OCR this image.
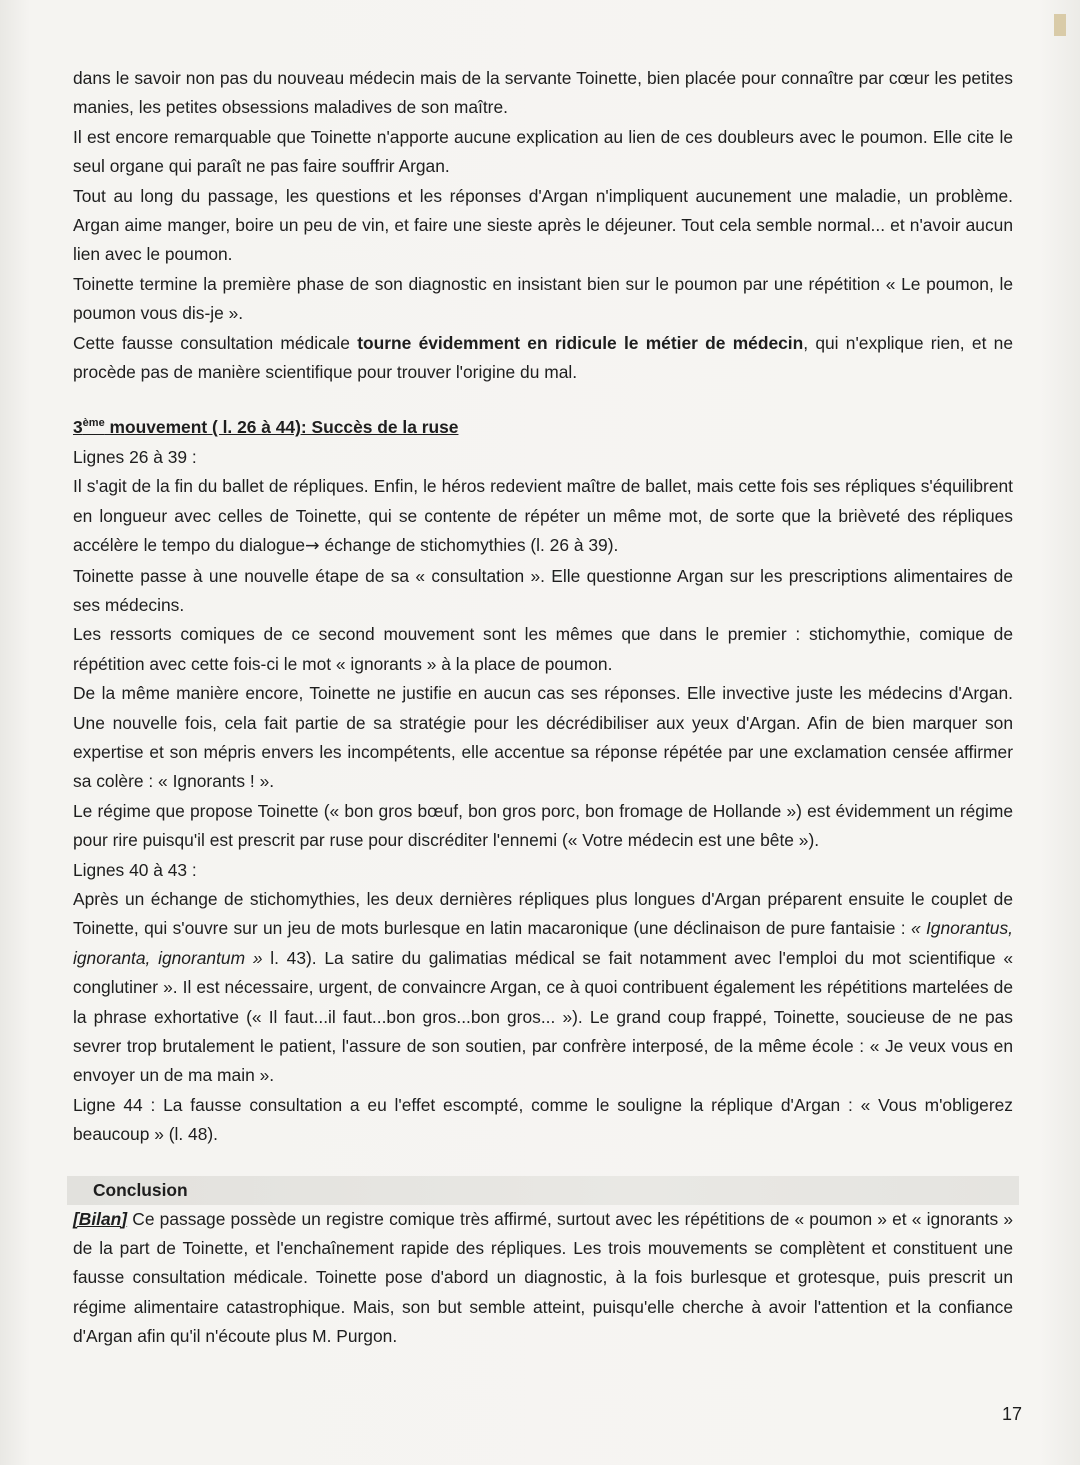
dans le savoir non pas du nouveau médecin mais de la servante Toinette, bien placée pour connaître par cœur les petites manies, les petites obsessions maladives de son maître.

Il est encore remarquable que Toinette n'apporte aucune explication au lien de ces doubleurs avec le poumon. Elle cite le seul organe qui paraît ne pas faire souffrir Argan.

Tout au long du passage, les questions et les réponses d'Argan n'impliquent aucunement une maladie, un problème. Argan aime manger, boire un peu de vin, et faire une sieste après le déjeuner. Tout cela semble normal... et n'avoir aucun lien avec le poumon.

Toinette termine la première phase de son diagnostic en insistant bien sur le poumon par une répétition « Le poumon, le poumon vous dis-je ».

Cette fausse consultation médicale tourne évidemment en ridicule le métier de médecin, qui n'explique rien, et ne procède pas de manière scientifique pour trouver l'origine du mal.

3ème mouvement ( l. 26 à 44): Succès de la ruse

Lignes 26 à 39 :

Il s'agit de la fin du ballet de répliques. Enfin, le héros redevient maître de ballet, mais cette fois ses répliques s'équilibrent en longueur avec celles de Toinette, qui se contente de répéter un même mot, de sorte que la brièveté des répliques accélère le tempo du dialogue→ échange de stichomythies (l. 26 à 39).

Toinette passe à une nouvelle étape de sa « consultation ». Elle questionne Argan sur les prescriptions alimentaires de ses médecins.

Les ressorts comiques de ce second mouvement sont les mêmes que dans le premier : stichomythie, comique de répétition avec cette fois-ci le mot « ignorants » à la place de poumon.

De la même manière encore, Toinette ne justifie en aucun cas ses réponses. Elle invective juste les médecins d'Argan. Une nouvelle fois, cela fait partie de sa stratégie pour les décrédibiliser aux yeux d'Argan. Afin de bien marquer son expertise et son mépris envers les incompétents, elle accentue sa réponse répétée par une exclamation censée affirmer sa colère : « Ignorants ! ».

Le régime que propose Toinette (« bon gros bœuf, bon gros porc, bon fromage de Hollande ») est évidemment un régime pour rire puisqu'il est prescrit par ruse pour discréditer l'ennemi (« Votre médecin est une bête »).

Lignes 40 à 43 :

Après un échange de stichomythies, les deux dernières répliques plus longues d'Argan préparent ensuite le couplet de Toinette, qui s'ouvre sur un jeu de mots burlesque en latin macaronique (une déclinaison de pure fantaisie : « Ignorantus, ignoranta, ignorantum » l. 43). La satire du galimatias médical se fait notamment avec l'emploi du mot scientifique « conglutiner ». Il est nécessaire, urgent, de convaincre Argan, ce à quoi contribuent également les répétitions martelées de la phrase exhortative (« Il faut...il faut...bon gros...bon gros... »). Le grand coup frappé, Toinette, soucieuse de ne pas sevrer trop brutalement le patient, l'assure de son soutien, par confrère interposé, de la même école : « Je veux vous en envoyer un de ma main ».

Ligne 44 : La fausse consultation a eu l'effet escompté, comme le souligne la réplique d'Argan : « Vous m'obligerez beaucoup » (l. 48).

Conclusion

[Bilan] Ce passage possède un registre comique très affirmé, surtout avec les répétitions de « poumon » et « ignorants » de la part de Toinette, et l'enchaînement rapide des répliques. Les trois mouvements se complètent et constituent une fausse consultation médicale. Toinette pose d'abord un diagnostic, à la fois burlesque et grotesque, puis prescrit un régime alimentaire catastrophique. Mais, son but semble atteint, puisqu'elle cherche à avoir l'attention et la confiance d'Argan afin qu'il n'écoute plus M. Purgon.

17
